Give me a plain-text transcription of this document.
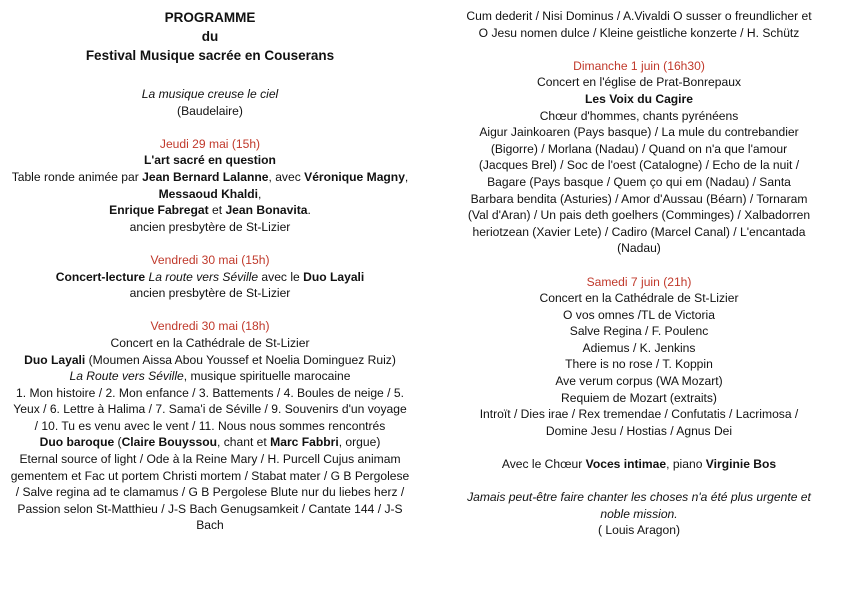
PROGRAMME
du
Festival Musique sacrée en Couserans

La musique creuse le ciel

(Baudelaire)

Jeudi 29 mai (15h)

L'art sacré en question

Table ronde animée par Jean Bernard Lalanne, avec Véronique Magny, Messaoud Khaldi,
Enrique Fabregat et Jean Bonavita.

ancien presbytère de St-Lizier

Vendredi 30 mai (15h)

Concert-lecture La route vers Séville avec le Duo Layali

ancien presbytère de St-Lizier

Vendredi 30 mai (18h)

Concert en la Cathédrale de St-Lizier

Duo Layali (Moumen Aissa Abou Youssef et Noelia Dominguez Ruiz)

La Route vers Séville, musique spirituelle marocaine

1. Mon histoire / 2. Mon enfance / 3. Battements / 4. Boules de neige / 5. Yeux / 6. Lettre à Halima / 7. Sama'i de Séville / 9. Souvenirs d'un voyage / 10. Tu es venu avec le vent / 11. Nous nous sommes rencontrés

Duo baroque (Claire Bouyssou, chant et Marc Fabbri, orgue)

Eternal source of light / Ode à la Reine Mary / H. Purcell Cujus animam gementem et Fac ut portem Christi mortem / Stabat mater / G B Pergolese / Salve regina ad te clamamus / G B Pergolese Blute nur du liebes herz / Passion selon St-Matthieu / J-S Bach Genugsamkeit / Cantate 144 / J-S Bach

Cum dederit / Nisi Dominus / A.Vivaldi O susser o freundlicher et O Jesu nomen dulce / Kleine geistliche konzerte / H. Schütz

Dimanche 1 juin (16h30)

Concert en l'église de Prat-Bonrepaux

Les Voix du Cagire

Chœur d'hommes, chants pyrénéens

Aigur Jainkoaren (Pays basque) / La mule du contrebandier (Bigorre) / Morlana (Nadau) / Quand on n'a que l'amour (Jacques Brel) / Soc de l'oest (Catalogne) / Echo de la nuit / Bagare (Pays basque / Quem ço qui em (Nadau) / Santa Barbara bendita (Asturies) / Amor d'Aussau (Béarn) / Tornaram (Val d'Aran) / Un pais deth goelhers (Comminges) / Xalbadorren heriotzean (Xavier Lete) / Cadiro (Marcel Canal) / L'encantada (Nadau)

Samedi 7 juin (21h)

Concert en la Cathédrale de St-Lizier

O vos omnes /TL de Victoria

Salve Regina / F. Poulenc

Adiemus / K. Jenkins

There is no rose / T. Koppin

Ave verum corpus (WA Mozart)

Requiem de Mozart (extraits)

Introït / Dies irae / Rex tremendae / Confutatis / Lacrimosa / Domine Jesu / Hostias / Agnus Dei

Avec le Chœur Voces intimae, piano Virginie Bos

Jamais peut-être faire chanter les choses n'a été plus urgente et noble mission.

( Louis Aragon)
